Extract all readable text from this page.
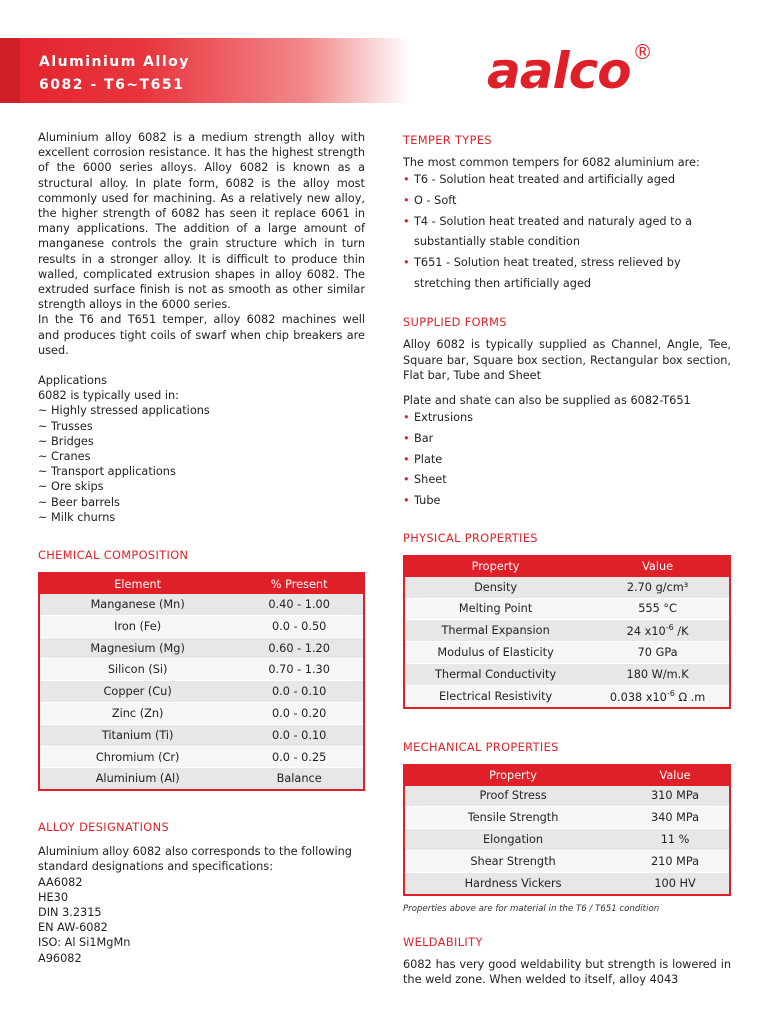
Aluminium Alloy
6082 - T6~T651	aalco ®

Aluminium alloy 6082 is a medium strength alloy with excellent corrosion resistance. It has the highest strength of the 6000 series alloys. Alloy 6082 is known as a structural alloy. In plate form, 6082 is the alloy most commonly used for machining. As a relatively new alloy, the higher strength of 6082 has seen it replace 6061 in many applications. The addition of a large amount of manganese controls the grain structure which in turn results in a stronger alloy. It is difficult to produce thin walled, complicated extrusion shapes in alloy 6082. The extruded surface finish is not as smooth as other similar strength alloys in the 6000 series.

In the T6 and T651 temper, alloy 6082 machines well and produces tight coils of swarf when chip breakers are used.

Applications

6082 is typically used in:

~ Highly stressed applications

~ Trusses

~ Bridges

~ Cranes

~ Transport applications

~ Ore skips

~ Beer barrels

~ Milk churns

CHEMICAL COMPOSITION

Element	% Present
Manganese (Mn)	0.40 - 1.00
Iron (Fe)	0.0 - 0.50
Magnesium (Mg)	0.60 - 1.20
Silicon (Si)	0.70 - 1.30
Copper (Cu)	0.0 - 0.10
Zinc (Zn)	0.0 - 0.20
Titanium (Ti)	0.0 - 0.10
Chromium (Cr)	0.0 - 0.25
Aluminium (Al)	Balance

ALLOY DESIGNATIONS

Aluminium alloy 6082 also corresponds to the following standard designations and specifications:

AA6082

HE30

DIN 3.2315

EN AW-6082

ISO: Al Si1MgMn

A96082

TEMPER TYPES

The most common tempers for 6082 aluminium are:

• T6 - Solution heat treated and artificially aged
• O - Soft
• T4 - Solution heat treated and naturaly aged to a substantially stable condition
• T651 - Solution heat treated, stress relieved by stretching then artificially aged

SUPPLIED FORMS

Alloy 6082 is typically supplied as Channel, Angle, Tee, Square bar, Square box section, Rectangular box section, Flat bar, Tube and Sheet

Plate and shate can also be supplied as 6082-T651

• Extrusions
• Bar
• Plate
• Sheet
• Tube

PHYSICAL PROPERTIES

Property	Value
Density	2.70 g/cm³
Melting Point	555 °C
Thermal Expansion	24 $x10^{-6}$ /K
Modulus of Elasticity	70 GPa
Thermal Conductivity	180 W/m.K
Electrical Resistivity	0.038 $x10^{-6}$ Ω .m

MECHANICAL PROPERTIES

Property	Value
Proof Stress	310 MPa
Tensile Strength	340 MPa
Elongation	11 %
Shear Strength	210 MPa
Hardness Vickers	100 HV

Properties above are for material in the T6 / T651 condition

WELDABILITY

6082 has very good weldability but strength is lowered in the weld zone. When welded to itself, alloy 4043
